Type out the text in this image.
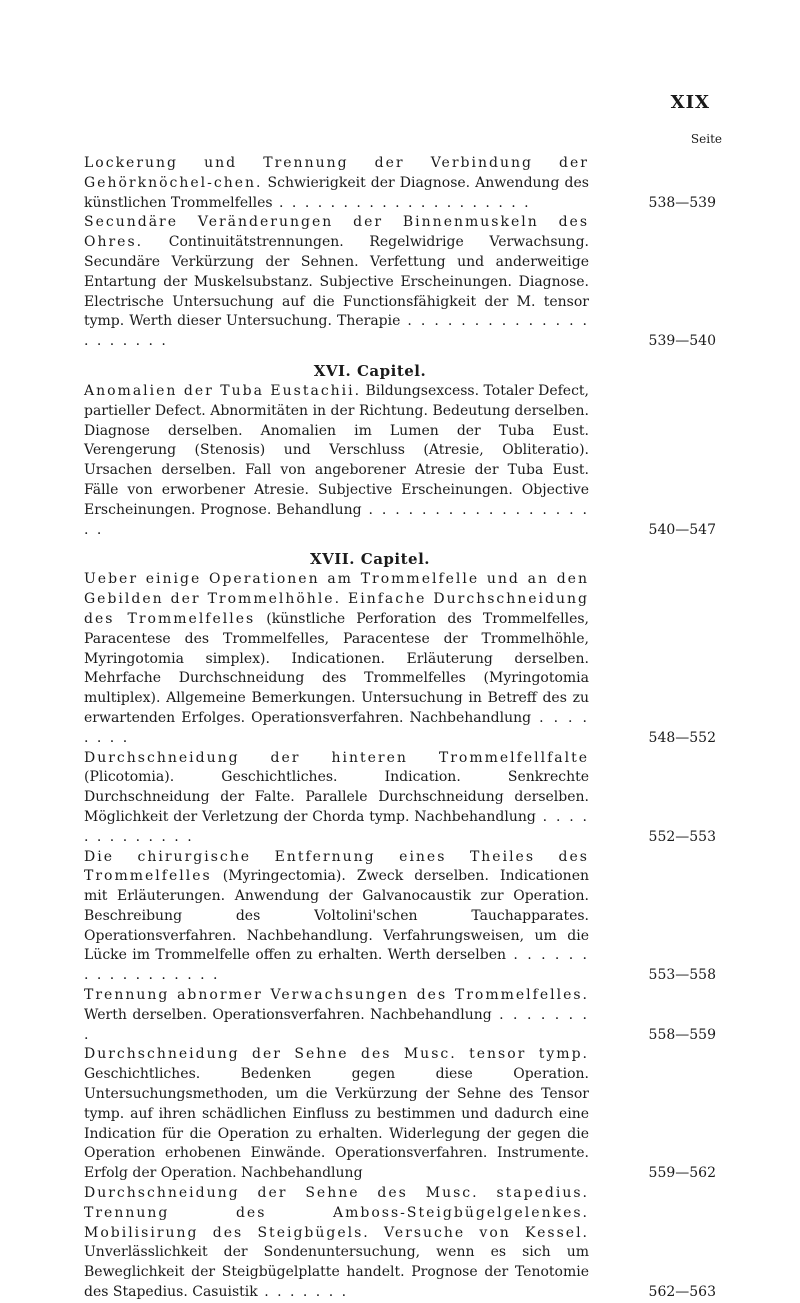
XIX
Seite

Lockerung und Trennung der Verbindung der Gehörknöchel-chen. Schwierigkeit der Diagnose. Anwendung des künstlichen Trommelfelles . . . . . . . . . . . . . . . . . . . .	538—539

Secundäre Veränderungen der Binnenmuskeln des Ohres. Continuitätstrennungen. Regelwidrige Verwachsung. Secundäre Verkürzung der Sehnen. Verfettung und anderweitige Entartung der Muskelsubstanz. Subjective Erscheinungen. Diagnose. Electrische Untersuchung auf die Functionsfähigkeit der M. tensor tymp. Werth dieser Untersuchung. Therapie . . . . . . . . . . . . . . . . . . . . .	539—540
XVI. Capitel.

Anomalien der Tuba Eustachii. Bildungsexcess. Totaler Defect, partieller Defect. Abnormitäten in der Richtung. Bedeutung derselben. Diagnose derselben. Anomalien im Lumen der Tuba Eust. Verengerung (Stenosis) und Verschluss (Atresie, Obliteratio). Ursachen derselben. Fall von angeborener Atresie der Tuba Eust. Fälle von erworbener Atresie. Subjective Erscheinungen. Objective Erscheinungen. Prognose. Behandlung . . . . . . . . . . . . . . . . . . .	540—547
XVII. Capitel.

Ueber einige Operationen am Trommelfelle und an den Gebilden der Trommelhöhle. Einfache Durchschneidung des Trommelfelles (künstliche Perforation des Trommelfelles, Paracentese des Trommelfelles, Paracentese der Trommelhöhle, Myringotomia simplex). Indicationen. Erläuterung derselben. Mehrfache Durchschneidung des Trommelfelles (Myringotomia multiplex). Allgemeine Bemerkungen. Untersuchung in Betreff des zu erwartenden Erfolges. Operationsverfahren. Nachbehandlung . . . . . . . .	548—552

Durchschneidung der hinteren Trommelfellfalte (Plicotomia). Geschichtliches. Indication. Senkrechte Durchschneidung der Falte. Parallele Durchschneidung derselben. Möglichkeit der Verletzung der Chorda tymp. Nachbehandlung . . . . . . . . . . . . .	552—553

Die chirurgische Entfernung eines Theiles des Trommelfelles (Myringectomia). Zweck derselben. Indicationen mit Erläuterungen. Anwendung der Galvanocaustik zur Operation. Beschreibung des Voltolini'schen Tauchapparates. Operationsverfahren. Nachbehandlung. Verfahrungsweisen, um die Lücke im Trommelfelle offen zu erhalten. Werth derselben . . . . . . . . . . . . . . . . .	553—558

Trennung abnormer Verwachsungen des Trommelfelles. Werth derselben. Operationsverfahren. Nachbehandlung . . . . . . . .	558—559

Durchschneidung der Sehne des Musc. tensor tymp. Geschichtliches. Bedenken gegen diese Operation. Untersuchungsmethoden, um die Verkürzung der Sehne des Tensor tymp. auf ihren schädlichen Einfluss zu bestimmen und dadurch eine Indication für die Operation zu erhalten. Widerlegung der gegen die Operation erhobenen Einwände. Operationsverfahren. Instrumente. Erfolg der Operation. Nachbehandlung	559—562

Durchschneidung der Sehne des Musc. stapedius. Trennung des Amboss-Steigbügelgelenkes. Mobilisirung des Steigbügels. Versuche von Kessel. Unverlässlichkeit der Sondenuntersuchung, wenn es sich um Beweglichkeit der Steigbügelplatte handelt. Prognose der Tenotomie des Stapedius. Casuistik . . . . . . .	562—563
